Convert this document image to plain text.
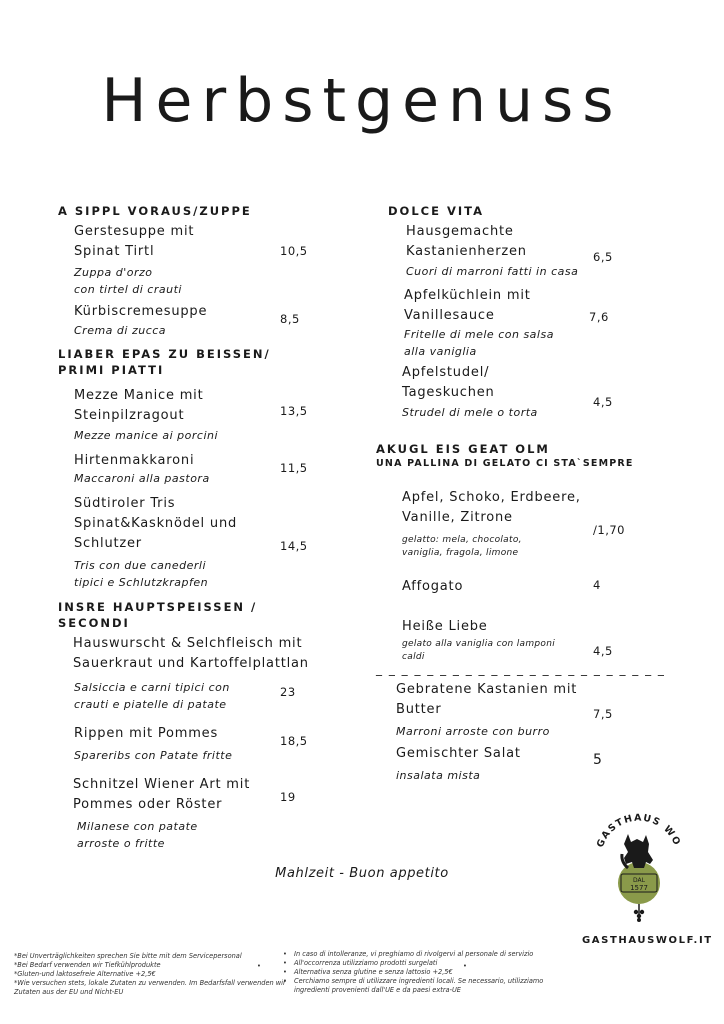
Herbstgenuss
A SIPPL VORAUS/ZUPPE
Gerstesuppe mit
Spinat Tirtl
Zuppa d'orzo
con tirtel di crauti
10,5
Kürbiscremesuppe
Crema di zucca
8,5
LIABER EPAS ZU BEISSEN/
PRIMI PIATTI
Mezze Manice mit
Steinpilzragout
Mezze manice ai porcini
13,5
Hirtenmakkaroni
Maccaroni alla pastora
11,5
Südtiroler Tris
Spinat&Kasknödel und
Schlutzer
Tris con due canederli
tipici e Schlutzkrapfen
14,5
INSRE HAUPTSPEISSEN /
SECONDI
Hauswurscht & Selchfleisch mit
Sauerkraut und Kartoffelplattlan
Salsiccia e carni tipici con
crauti e piatelle di patate
23
Rippen mit Pommes
Spareribs con Patate fritte
18,5
Schnitzel Wiener Art mit
Pommes oder Röster
Milanese con patate
arroste o fritte
19
DOLCE VITA
Hausgemachte
Kastanienherzen
Cuori di marroni fatti in casa
6,5
Apfelküchlein mit
Vanillesauce
Fritelle di mele con salsa
alla vaniglia
7,6
Apfelstudel/
Tageskuchen
Strudel di mele o torta
4,5
AKUGL EIS GEAT OLM
UNA PALLINA DI GELATO CI STA`SEMPRE
Apfel, Schoko, Erdbeere,
Vanille, Zitrone
gelatto: mela, chocolato,
vaniglia, fragola, limone
/1,70
Affogato	4
Heiße Liebe
gelato alla vaniglia con lamponi
caldi	4,5
_ _ _ _ _ _ _ _ _ _ _ _ _ _ _ _ _ _ _ _ _ _ _
Gebratene Kastanien mit
Butter
Marroni arroste con burro
7,5
Gemischter Salat
insalata mista
5
Mahlzeit - Buon appetito
GASTHAUS WO
DAL
1577
GASTHAUSWOLF.IT
*Bei Unverträglichkeiten sprechen Sie bitte mit dem Servicepersonal
*Bei Bedarf verwenden wir Tiefkühlprodukte
*Gluten-und laktosefreie Alternative +2,5€
*Wie versuchen stets, lokale Zutaten zu verwenden. Im Bedarfsfall verwenden wir
Zutaten aus der EU und Nicht-EU
•
• In caso di intolleranze, vi preghiamo di rivolgervi al personale di servizio
• All'occorrenza utilizziamo prodotti surgelati
• Alternativa senza glutine e senza lattosio +2,5€
• Cerchiamo sempre di utilizzare ingredienti locali. Se necessario, utilizziamo
ingredienti provenienti dall'UE e da paesi extra-UE
•
